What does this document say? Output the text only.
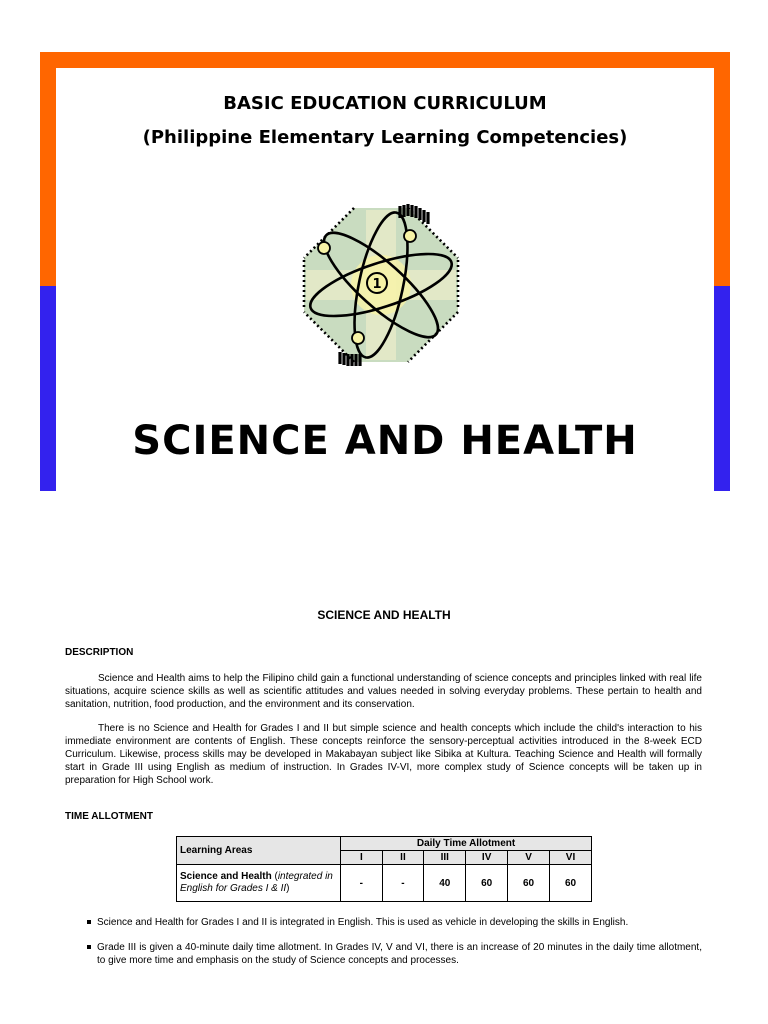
BASIC EDUCATION CURRICULUM
(Philippine Elementary Learning Competencies)
1
SCIENCE AND HEALTH
SCIENCE AND HEALTH
DESCRIPTION

Science and Health aims to help the Filipino child gain a functional understanding of science concepts and principles linked with real life situations, acquire science skills as well as scientific attitudes and values needed in solving everyday problems. These pertain to health and sanitation, nutrition, food production, and the environment and its conservation.

There is no Science and Health for Grades I and II but simple science and health concepts which include the child's interaction to his immediate environment are contents of English. These concepts reinforce the sensory-perceptual activities introduced in the 8-week ECD Curriculum. Likewise, process skills may be developed in Makabayan subject like Sibika at Kultura. Teaching Science and Health will formally start in Grade III using English as medium of instruction. In Grades IV-VI, more complex study of Science concepts will be taken up in preparation for High School work.

TIME ALLOTMENT
Learning Areas	Daily Time Allotment					
	I	II	III	IV	V	VI
Science and Health (integrated in English for Grades I & II)	-	-	40	60	60	60
Science and Health for Grades I and II is integrated in English. This is used as vehicle in developing the skills in English.
Grade III is given a 40-minute daily time allotment. In Grades IV, V and VI, there is an increase of 20 minutes in the daily time allotment, to give more time and emphasis on the study of Science concepts and processes.
